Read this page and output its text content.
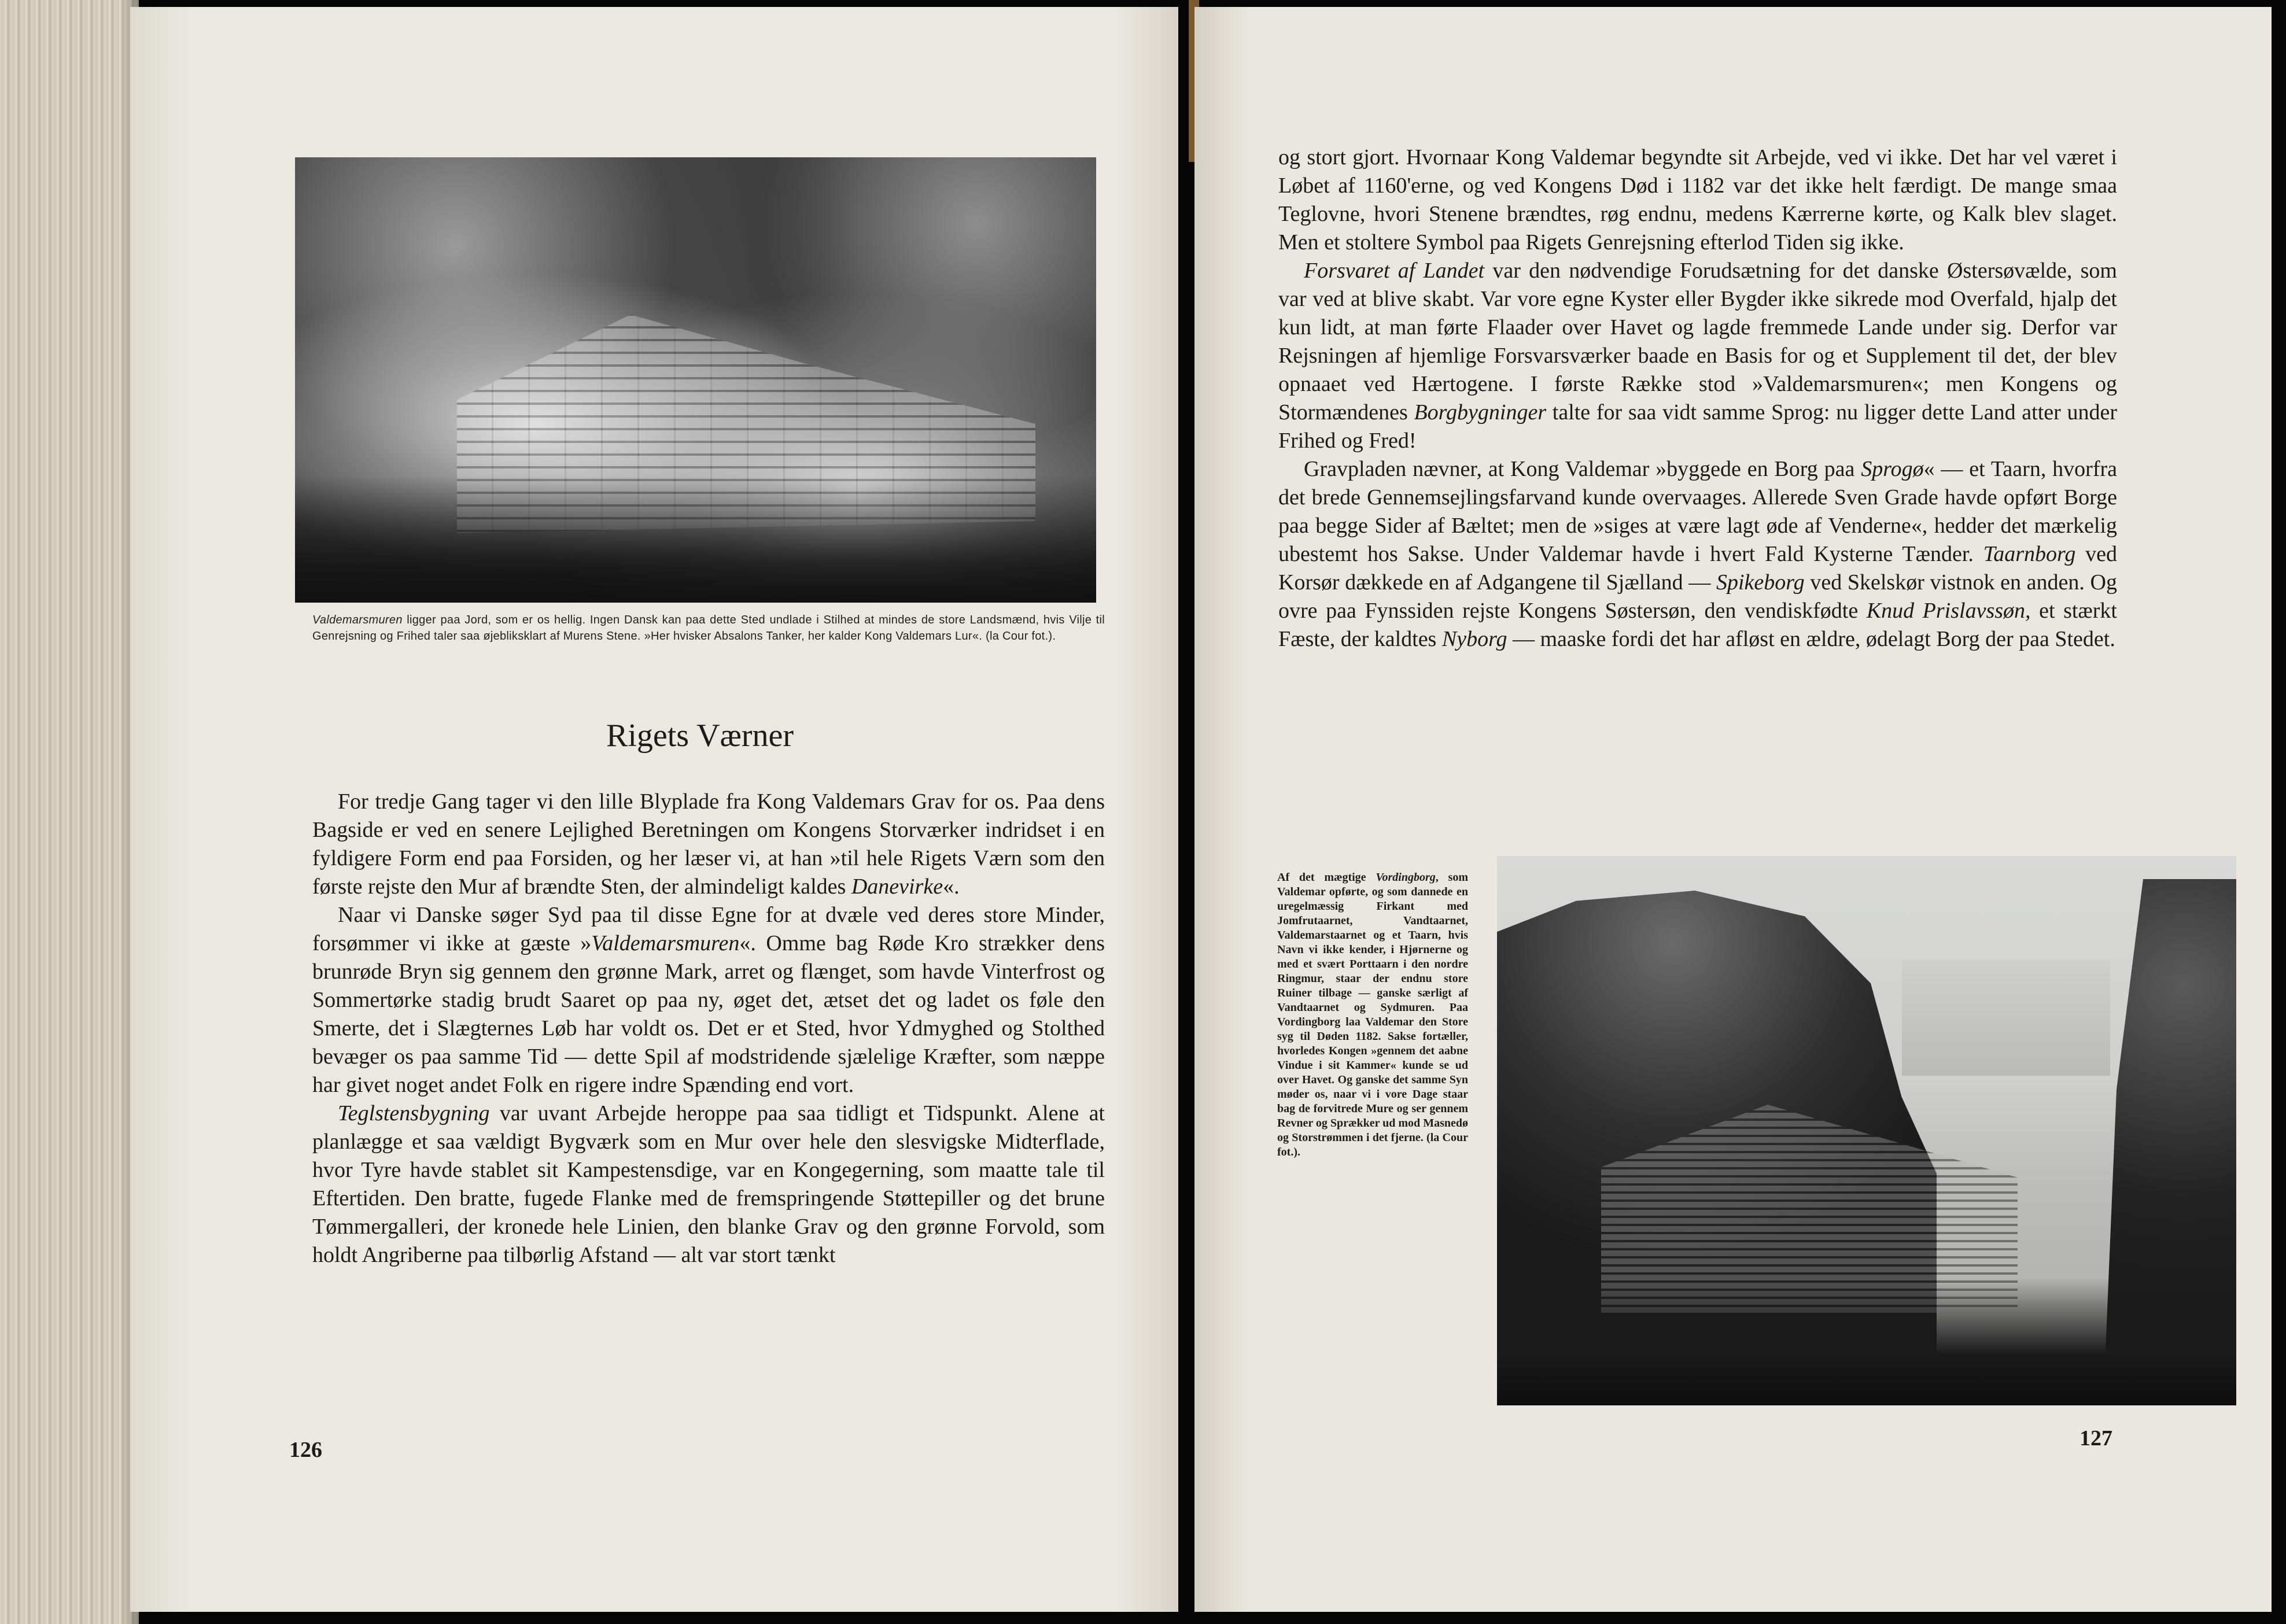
Valdemarsmuren ligger paa Jord, som er os hellig. Ingen Dansk kan paa dette Sted undlade i Stilhed at mindes de store Landsmænd, hvis Vilje til Genrejsning og Frihed taler saa øjebliksklart af Murens Stene. »Her hvisker Absalons Tanker, her kalder Kong Valdemars Lur«. (la Cour fot.).

Rigets Værner

For tredje Gang tager vi den lille Blyplade fra Kong Valdemars Grav for os. Paa dens Bagside er ved en senere Lejlighed Beretningen om Kongens Storværker indridset i en fyldigere Form end paa Forsiden, og her læser vi, at han »til hele Rigets Værn som den første rejste den Mur af brændte Sten, der almindeligt kaldes Danevirke«.

Naar vi Danske søger Syd paa til disse Egne for at dvæle ved deres store Minder, forsømmer vi ikke at gæste »Valdemarsmuren«. Omme bag Røde Kro strækker dens brunrøde Bryn sig gennem den grønne Mark, arret og flænget, som havde Vinterfrost og Sommertørke stadig brudt Saaret op paa ny, øget det, ætset det og ladet os føle den Smerte, det i Slægternes Løb har voldt os. Det er et Sted, hvor Ydmyghed og Stolthed bevæger os paa samme Tid — dette Spil af modstridende sjælelige Kræfter, som næppe har givet noget andet Folk en rigere indre Spænding end vort.

Teglstensbygning var uvant Arbejde heroppe paa saa tidligt et Tidspunkt. Alene at planlægge et saa vældigt Bygværk som en Mur over hele den slesvigske Midterflade, hvor Tyre havde stablet sit Kampestensdige, var en Kongegerning, som maatte tale til Eftertiden. Den bratte, fugede Flanke med de fremspringende Støttepiller og det brune Tømmergalleri, der kronede hele Linien, den blanke Grav og den grønne Forvold, som holdt Angriberne paa tilbørlig Afstand — alt var stort tænkt

126

og stort gjort. Hvornaar Kong Valdemar begyndte sit Arbejde, ved vi ikke. Det har vel været i Løbet af 1160'erne, og ved Kongens Død i 1182 var det ikke helt færdigt. De mange smaa Teglovne, hvori Stenene brændtes, røg endnu, medens Kærrerne kørte, og Kalk blev slaget. Men et stoltere Symbol paa Rigets Genrejsning efterlod Tiden sig ikke.

Forsvaret af Landet var den nødvendige Forudsætning for det danske Østersøvælde, som var ved at blive skabt. Var vore egne Kyster eller Bygder ikke sikrede mod Overfald, hjalp det kun lidt, at man førte Flaader over Havet og lagde fremmede Lande under sig. Derfor var Rejsningen af hjemlige Forsvarsværker baade en Basis for og et Supplement til det, der blev opnaaet ved Hærtogene. I første Række stod »Valdemarsmuren«; men Kongens og Stormændenes Borgbygninger talte for saa vidt samme Sprog: nu ligger dette Land atter under Frihed og Fred!

Gravpladen nævner, at Kong Valdemar »byggede en Borg paa Sprogø« — et Taarn, hvorfra det brede Gennemsejlingsfarvand kunde overvaages. Allerede Sven Grade havde opført Borge paa begge Sider af Bæltet; men de »siges at være lagt øde af Venderne«, hedder det mærkelig ubestemt hos Sakse. Under Valdemar havde i hvert Fald Kysterne Tænder. Taarnborg ved Korsør dækkede en af Adgangene til Sjælland — Spikeborg ved Skelskør vistnok en anden. Og ovre paa Fynssiden rejste Kongens Søstersøn, den vendiskfødte Knud Prislavssøn, et stærkt Fæste, der kaldtes Nyborg — maaske fordi det har afløst en ældre, ødelagt Borg der paa Stedet.

Af det mægtige Vordingborg, som Valdemar opførte, og som dannede en uregelmæssig Firkant med Jomfrutaarnet, Vandtaarnet, Valdemarstaarnet og et Taarn, hvis Navn vi ikke kender, i Hjørnerne og med et svært Porttaarn i den nordre Ringmur, staar der endnu store Ruiner tilbage — ganske særligt af Vandtaarnet og Sydmuren. Paa Vordingborg laa Valdemar den Store syg til Døden 1182. Sakse fortæller, hvorledes Kongen »gennem det aabne Vindue i sit Kammer« kunde se ud over Havet. Og ganske det samme Syn møder os, naar vi i vore Dage staar bag de forvitrede Mure og ser gennem Revner og Sprækker ud mod Masnedø og Storstrømmen i det fjerne. (la Cour fot.).
127
